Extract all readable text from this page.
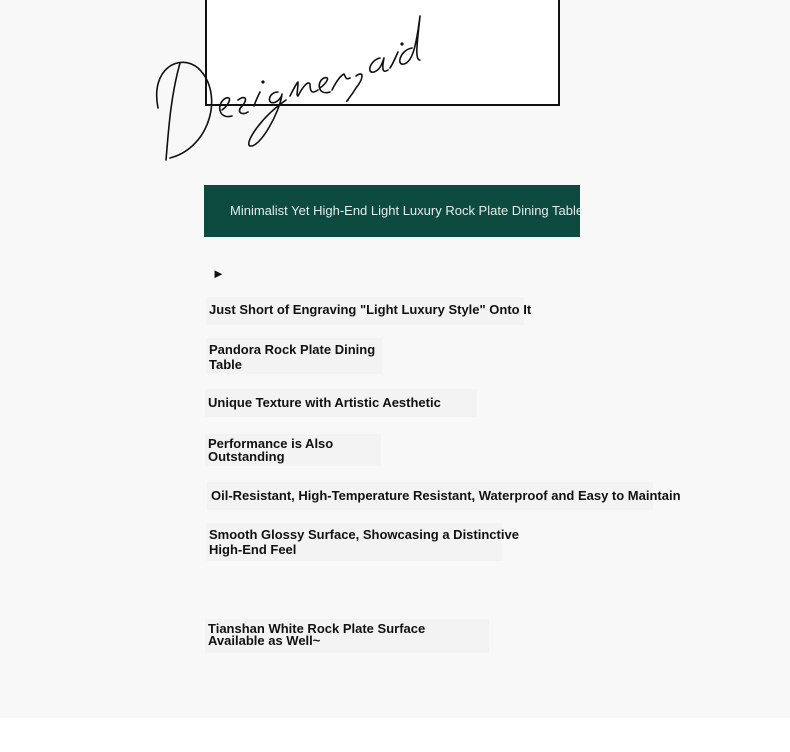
Minimalist Yet High-End Light Luxury Rock Plate Dining Table
►
Just Short of Engraving "Light Luxury Style" Onto It
Pandora Rock Plate Dining
Table
Unique Texture with Artistic Aesthetic
Performance is Also
Outstanding
Oil-Resistant, High-Temperature Resistant, Waterproof and Easy to Maintain
Smooth Glossy Surface, Showcasing a Distinctive
High-End Feel
Tianshan White Rock Plate Surface
Available as Well~
